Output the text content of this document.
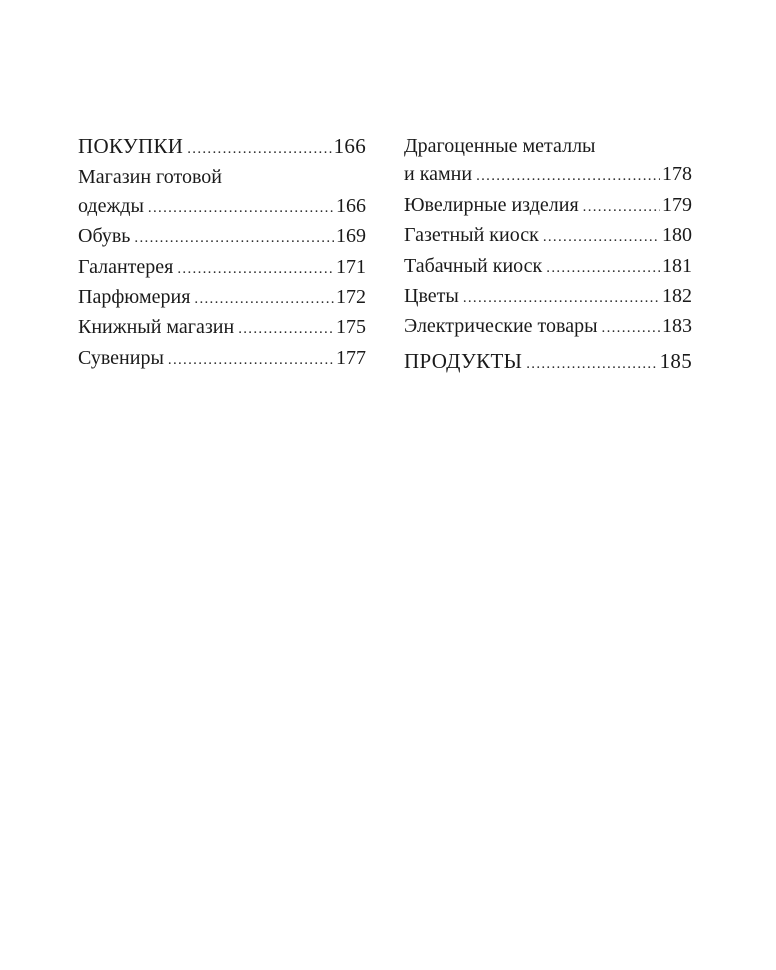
ПОКУПКИ .....	166
Магазин готовой
одежды .....	166
Обувь .....	169
Галантерея .....	171
Парфюмерия .....	172
Книжный магазин .....	175
Сувениры .....	177
Драгоценные металлы
и камни .....	178
Ювелирные изделия .....	179
Газетный киоск .....	180
Табачный киоск .....	181
Цветы .....	182
Электрические товары .....	183
ПРОДУКТЫ .....	185
